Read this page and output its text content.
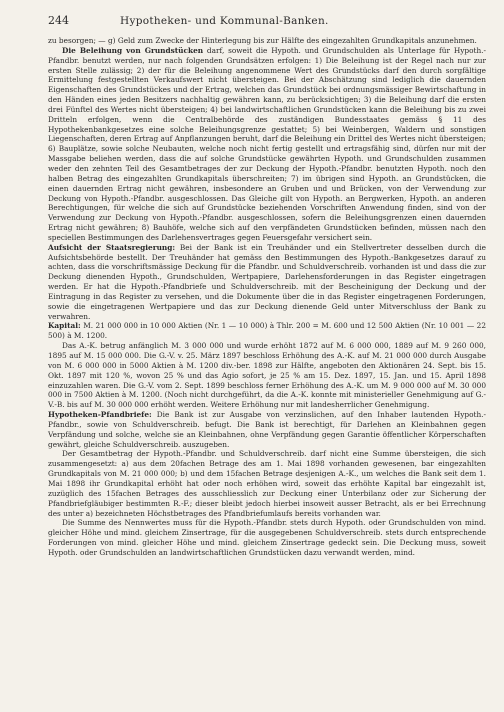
244	Hypotheken- und Kommunal-Banken.

zu besorgen; — g) Geld zum Zwecke der Hinterlegung bis zur Hälfte des eingezahlten Grundkapitals anzunehmen.

Die Beleihung von Grundstücken darf, soweit die Hypoth. und Grundschulden als Unterlage für Hypoth.-Pfandbr. benutzt werden, nur nach folgenden Grundsätzen erfolgen: 1) Die Beleihung ist der Regel nach nur zur ersten Stelle zulässig; 2) der für die Beleihung angenommene Wert des Grundstücks darf den durch sorgfältige Ermittelung festgestellten Verkaufswert nicht übersteigen. Bei der Abschätzung sind lediglich die dauernden Eigenschaften des Grundstückes und der Ertrag, welchen das Grundstück bei ordnungsmässiger Bewirtschaftung in den Händen eines jeden Besitzers nachhaltig gewähren kann, zu berücksichtigen; 3) die Beleihung darf die ersten drei Fünftel des Wertes nicht übersteigen; 4) bei landwirtschaftlichen Grundstücken kann die Beleihung bis zu zwei Dritteln erfolgen, wenn die Centralbehörde des zuständigen Bundesstaates gemäss § 11 des Hypothekenbankgesetzes eine solche Beleihungsgrenze gestattet; 5) bei Weinbergen, Waldern und sonstigen Liegenschaften, deren Ertrag auf Anpflanzungen beruht, darf die Beleihung ein Drittel des Wertes nicht übersteigen; 6) Bauplätze, sowie solche Neubauten, welche noch nicht fertig gestellt und ertragsfähig sind, dürfen nur mit der Massgabe beliehen werden, dass die auf solche Grundstücke gewährten Hypoth. und Grundschulden zusammen weder den zehnten Teil des Gesamtbetrages der zur Deckung der Hypoth.-Pfandbr. benutzten Hypoth. noch den halben Betrag des eingezahlten Grundkapitals überschreiten; 7) im übrigen sind Hypoth. an Grundstücken, die einen dauernden Ertrag nicht gewähren, insbesondere an Gruben und und Brücken, von der Verwendung zur Deckung von Hypoth.-Pfandbr. ausgeschlossen. Das Gleiche gilt von Hypoth. an Bergwerken, Hypoth. an anderen Berechtigungen, für welche die sich auf Grundstücke beziehenden Vorschriften Anwendung finden, sind von der Verwendung zur Deckung von Hypoth.-Pfandbr. ausgeschlossen, sofern die Beleihungsgrenzen einen dauernden Ertrag nicht gewähren; 8) Bauhöfe, welche sich auf den verpfändeten Grundstücken befinden, müssen nach den speciellen Bestimmungen des Darlehensvertrages gegen Feuersgefahr versichert sein.

Aufsicht der Staatsregierung: Bei der Bank ist ein Treuhänder und ein Stellvertreter desselben durch die Aufsichtsbehörde bestellt. Der Treuhänder hat gemäss den Bestimmungen des Hypoth.-Bankgesetzes darauf zu achten, dass die vorschriftsmässige Deckung für die Pfandbr. und Schuldverschreib. vorhanden ist und dass die zur Deckung dienenden Hypoth., Grundschulden, Wertpapiere, Darlehensforderungen in das Register eingetragen werden. Er hat die Hypoth.-Pfandbriefe und Schuldverschreib. mit der Bescheinigung der Deckung und der Eintragung in das Register zu versehen, und die Dokumente über die in das Register eingetragenen Forderungen, sowie die eingetragenen Wertpapiere und das zur Deckung dienende Geld unter Mitverschluss der Bank zu verwahren.

Kapital: M. 21 000 000 in 10 000 Aktien (Nr. 1 — 10 000) à Thlr. 200 = M. 600 und 12 500 Aktien (Nr. 10 001 — 22 500) à M. 1200.

Das A.-K. betrug anfänglich M. 3 000 000 und wurde erhöht 1872 auf M. 6 000 000, 1889 auf M. 9 260 000, 1895 auf M. 15 000 000. Die G.-V. v. 25. März 1897 beschloss Erhöhung des A.-K. auf M. 21 000 000 durch Ausgabe von M. 6 000 000 in 5000 Aktien à M. 1200 div.-ber. 1898 zur Hälfte, angeboten den Aktionären 24. Sept. bis 15. Okt. 1897 mit 120 %, wovon 25 % und das Agio sofort, je 25 % am 15. Dez. 1897, 15. Jan. und 15. April 1898 einzuzahlen waren. Die G.-V. vom 2. Sept. 1899 beschloss ferner Erhöhung des A.-K. um M. 9 000 000 auf M. 30 000 000 in 7500 Aktien à M. 1200. (Noch nicht durchgeführt, da die A.-K. konnte mit ministerieller Genehmigung auf G.-V.-B. bis auf M. 30 000 000 erhöht werden. Weitere Erhöhung nur mit landesherrlicher Genehmigung.

Hypotheken-Pfandbriefe: Die Bank ist zur Ausgabe von verzinslichen, auf den Inhaber lautenden Hypoth.-Pfandbr., sowie von Schuldverschreib. befugt. Die Bank ist berechtigt, für Darlehen an Kleinbahnen gegen Verpfändung und solche, welche sie an Kleinbahnen, ohne Verpfändung gegen Garantie öffentlicher Körperschaften gewährt, gleiche Schuldverschreib. auszugeben.

Der Gesamtbetrag der Hypoth.-Pfandbr. und Schuldverschreib. darf nicht eine Summe übersteigen, die sich zusammengesetzt: a) aus dem 20fachen Betrage des am 1. Mai 1898 vorhanden gewesenen, bar eingezahlten Grundkapitals von M. 21 000 000; b) und dem 15fachen Betrage desjenigen A.-K., um welches die Bank seit dem 1. Mai 1898 ihr Grundkapital erhöht hat oder noch erhöhen wird, soweit das erhöhte Kapital bar eingezahlt ist, zuzüglich des 15fachen Betrages des ausschliesslich zur Deckung einer Unterbilanz oder zur Sicherung der Pfandbriefgläubiger bestimmten R.-F.; dieser bleibt jedoch hierbei insoweit ausser Betracht, als er bei Errechnung des unter a) bezeichneten Höchstbetrages des Pfandbriefumlaufs bereits vorhanden war.

Die Summe des Nennwertes muss für die Hypoth.-Pfandbr. stets durch Hypoth. oder Grundschulden von mind. gleicher Höhe und mind. gleichem Zinsertrage, für die ausgegebenen Schuldverschreib. stets durch entsprechende Forderungen von mind. gleicher Höhe und mind. gleichem Zinsertrage gedeckt sein. Die Deckung muss, soweit Hypoth. oder Grundschulden an landwirtschaftlichen Grundstücken dazu verwandt werden, mind.
